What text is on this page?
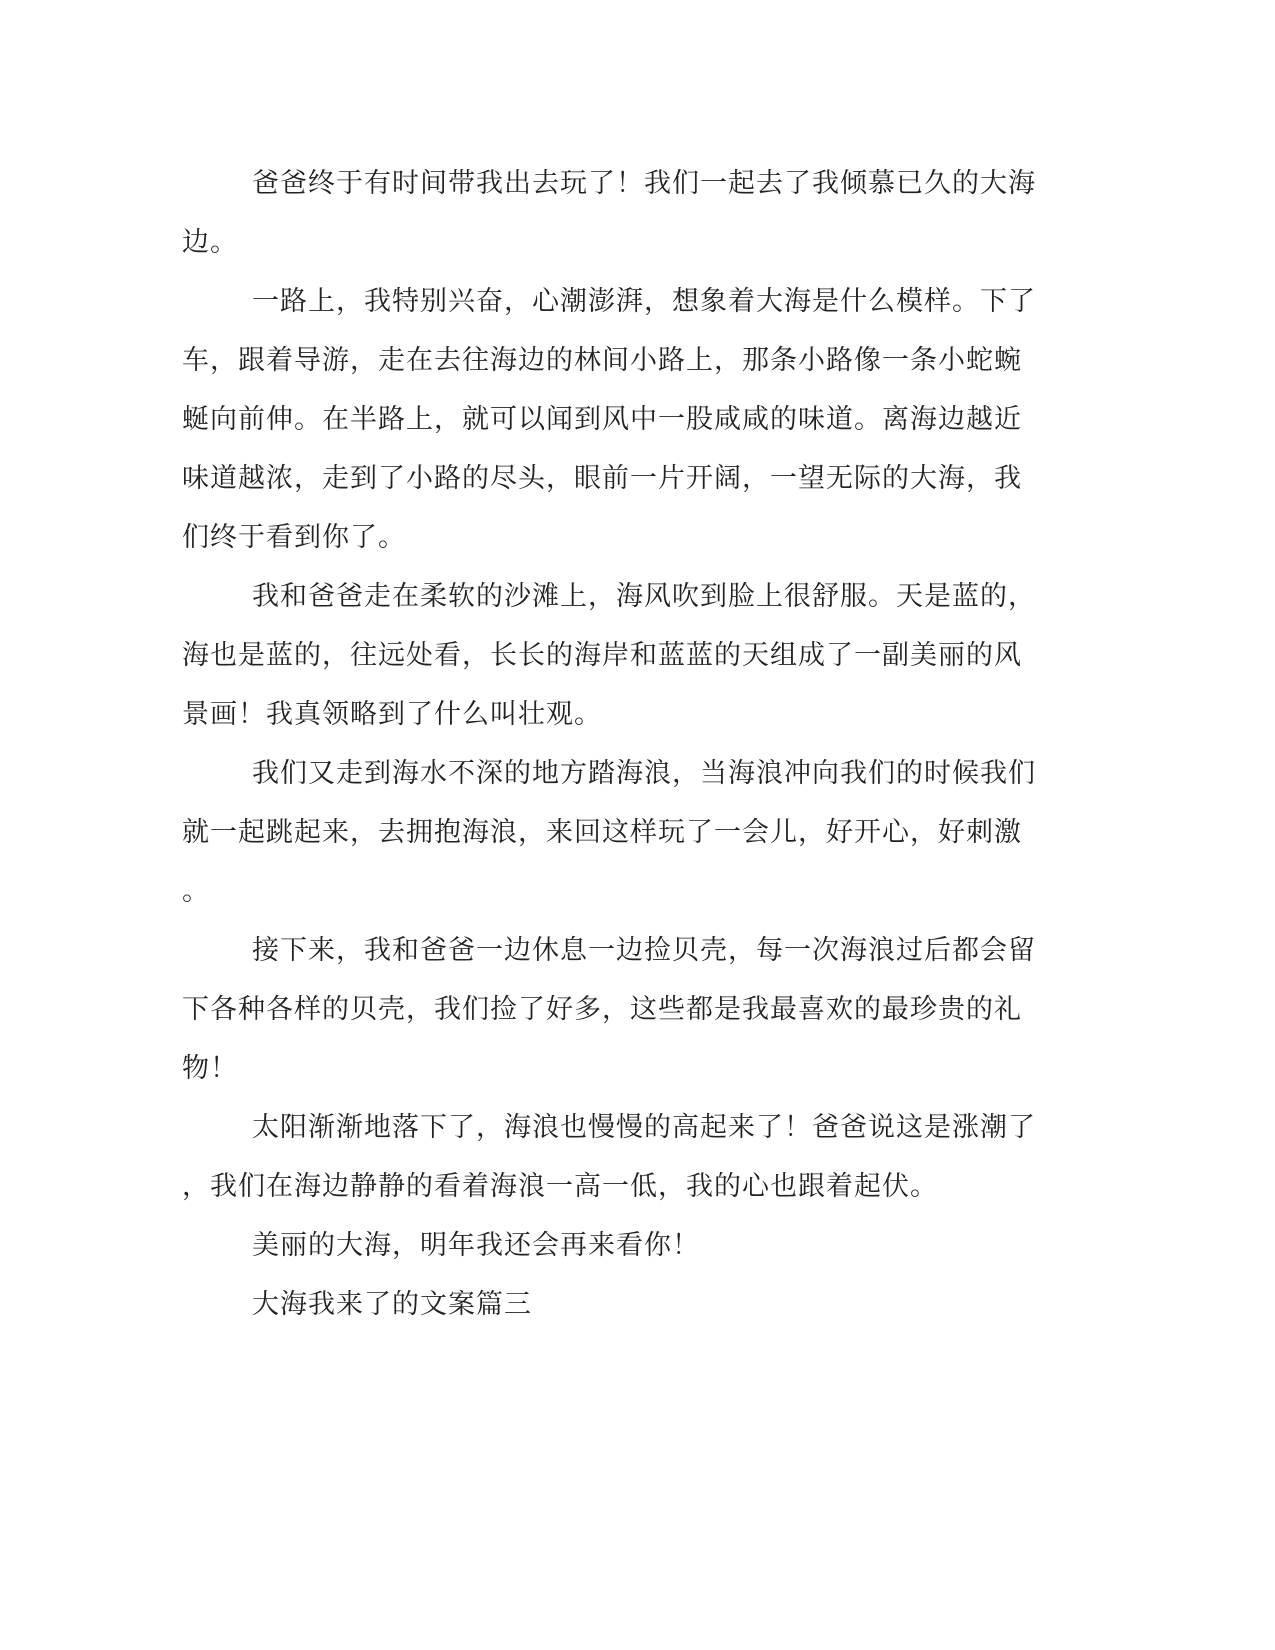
爸爸终于有时间带我出去玩了！我们一起去了我倾慕已久的大海
边。
一路上，我特别兴奋，心潮澎湃，想象着大海是什么模样。下了
车，跟着导游，走在去往海边的林间小路上，那条小路像一条小蛇蜿
蜒向前伸。在半路上，就可以闻到风中一股咸咸的味道。离海边越近
味道越浓，走到了小路的尽头，眼前一片开阔，一望无际的大海，我
们终于看到你了。
我和爸爸走在柔软的沙滩上，海风吹到脸上很舒服。天是蓝的，
海也是蓝的，往远处看，长长的海岸和蓝蓝的天组成了一副美丽的风
景画！我真领略到了什么叫壮观。
我们又走到海水不深的地方踏海浪，当海浪冲向我们的时候我们
就一起跳起来，去拥抱海浪，来回这样玩了一会儿，好开心，好刺激
。
接下来，我和爸爸一边休息一边捡贝壳，每一次海浪过后都会留
下各种各样的贝壳，我们捡了好多，这些都是我最喜欢的最珍贵的礼
物！
太阳渐渐地落下了，海浪也慢慢的高起来了！爸爸说这是涨潮了
，我们在海边静静的看着海浪一高一低，我的心也跟着起伏。
美丽的大海，明年我还会再来看你！
大海我来了的文案篇三
